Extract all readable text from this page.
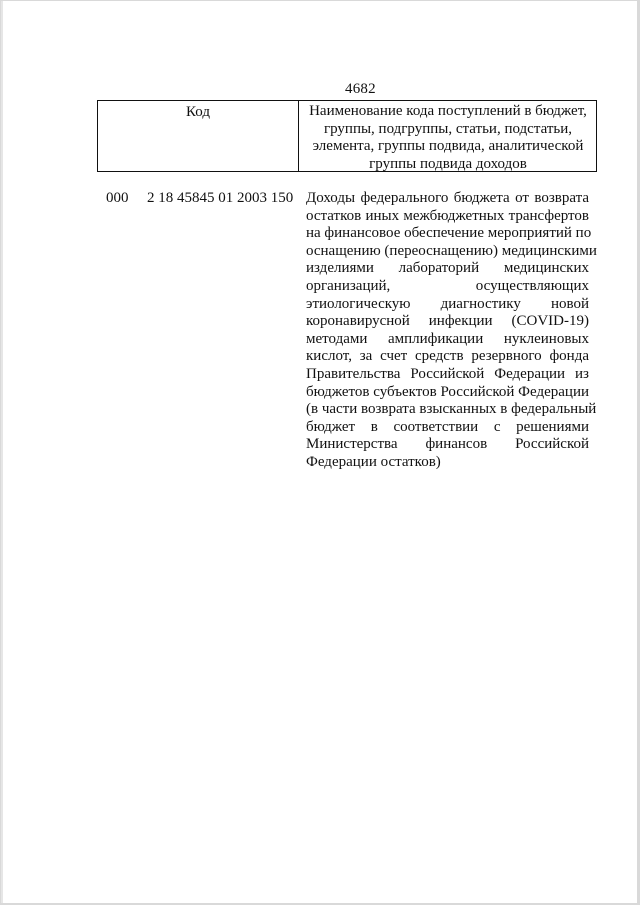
4682
Код	Наименование кода поступлений в бюджет,
группы, подгруппы, статьи, подстатьи,
элемента, группы подвида, аналитической
группы подвида доходов
000 2 18 45845 01 2003 150 Доходы федерального бюджета от возврата
остатков иных межбюджетных трансфертов
на финансовое обеспечение мероприятий по
оснащению (переоснащению) медицинскими
изделиями лабораторий медицинских
организаций, осуществляющих
этиологическую диагностику новой
коронавирусной инфекции (COVID-19)
методами амплификации нуклеиновых
кислот, за счет средств резервного фонда
Правительства Российской Федерации из
бюджетов субъектов Российской Федерации
(в части возврата взысканных в федеральный
бюджет в соответствии с решениями
Министерства финансов Российской
Федерации остатков)
